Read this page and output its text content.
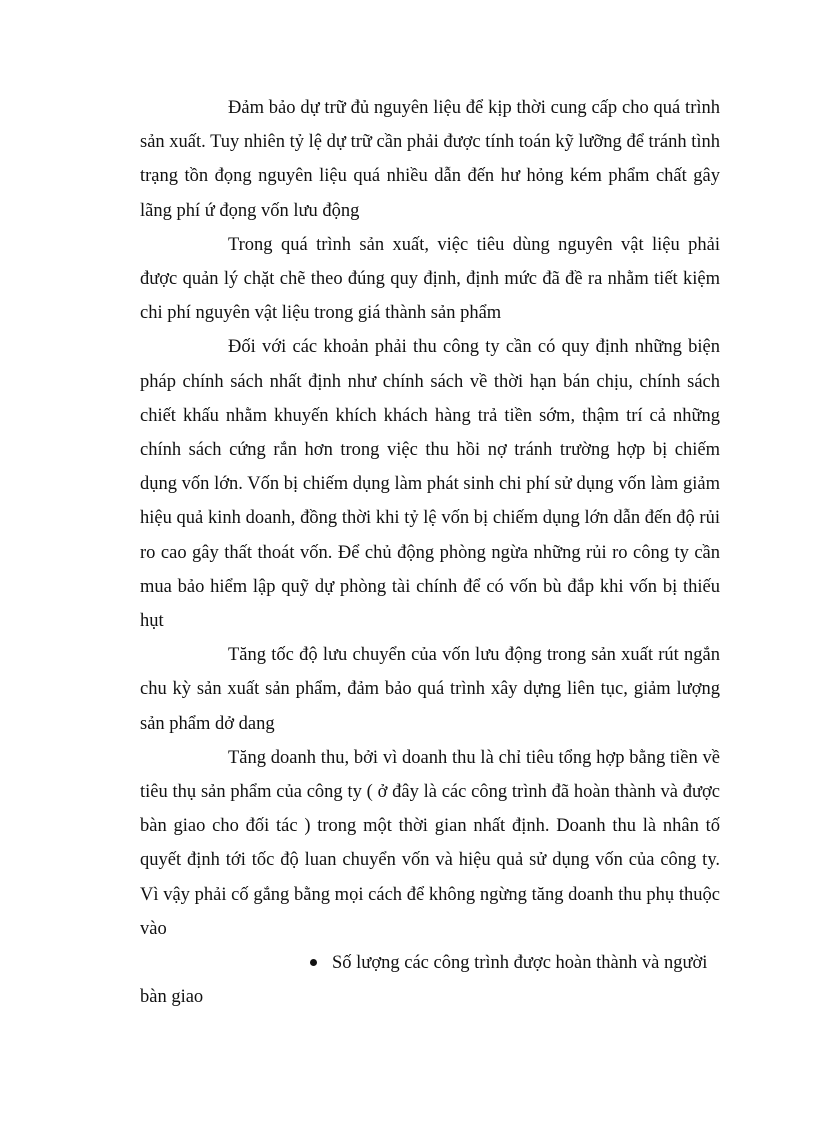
Đảm bảo dự trữ đủ nguyên liệu để kịp thời cung cấp cho quá trình sản xuất. Tuy nhiên tỷ lệ dự trữ cần phải được tính toán kỹ lưỡng để tránh tình trạng tồn đọng nguyên liệu quá nhiều dẫn đến hư hỏng kém phẩm chất gây lãng phí ứ đọng vốn lưu động

Trong quá trình sản xuất, việc tiêu dùng nguyên vật liệu phải được quản lý chặt chẽ theo đúng quy định, định mức đã đề ra nhằm tiết kiệm chi phí nguyên vật liệu trong giá thành sản phẩm

Đối với các khoản phải thu công ty cần có quy định những biện pháp chính sách nhất định như chính sách về thời hạn bán chịu, chính sách chiết khấu nhằm khuyến khích khách hàng trả tiền sớm, thậm trí cả những chính sách cứng rắn hơn trong việc thu hồi nợ tránh trường hợp bị chiếm dụng vốn lớn. Vốn bị chiếm dụng làm phát sinh chi phí sử dụng vốn làm giảm hiệu quả kinh doanh, đồng thời khi tỷ lệ vốn bị chiếm dụng lớn dẫn đến độ rủi ro cao gây thất thoát vốn. Để chủ động phòng ngừa những rủi ro công ty cần mua bảo hiểm lập quỹ dự phòng tài chính để có vốn bù đắp khi vốn bị thiếu hụt

Tăng tốc độ lưu chuyển của vốn lưu động trong sản xuất rút ngắn chu kỳ sản xuất sản phẩm, đảm bảo quá trình xây dựng liên tục, giảm lượng sản phẩm dở dang

Tăng doanh thu, bởi vì doanh thu là chỉ tiêu tổng hợp bằng tiền về tiêu thụ sản phẩm của công ty ( ở đây là các công trình đã hoàn thành và được bàn giao cho đối tác ) trong một thời gian nhất định. Doanh thu là nhân tố quyết định tới tốc độ luan chuyển vốn và hiệu quả sử dụng vốn của công ty. Vì vậy phải cố gắng bằng mọi cách để không ngừng tăng doanh thu phụ thuộc vào

Số lượng các công trình được hoàn thành và người

bàn giao
